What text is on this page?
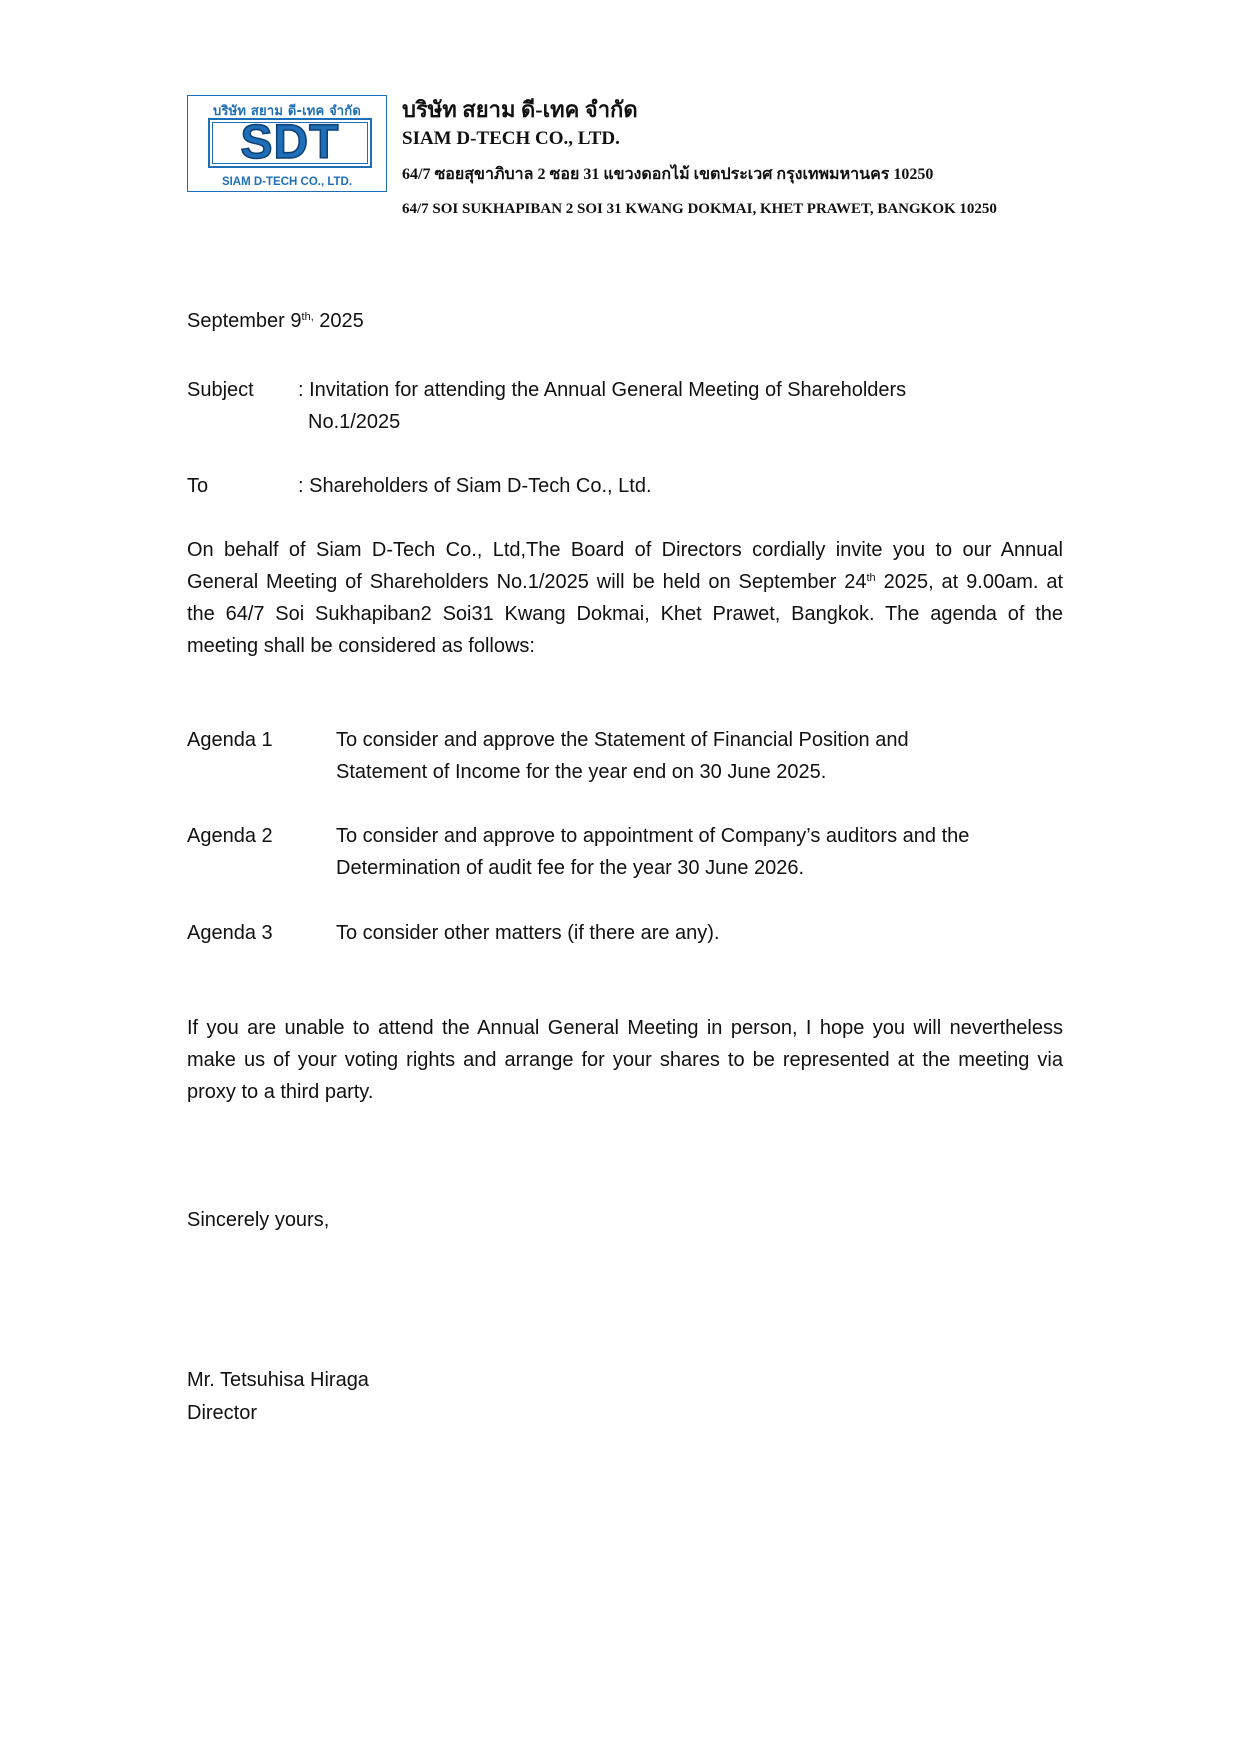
บริษัท สยาม ดี-เทค จำกัด
SDT
SIAM D-TECH CO., LTD.
บริษัท สยาม ดี-เทค จำกัด
SIAM D-TECH CO., LTD.
64/7 ซอยสุขาภิบาล 2 ซอย 31 แขวงดอกไม้ เขตประเวศ กรุงเทพมหานคร 10250
64/7 SOI SUKHAPIBAN 2 SOI 31 KWANG DOKMAI, KHET PRAWET, BANGKOK 10250
September $9^{th,}$ 2025
Subject : Invitation for attending the Annual General Meeting of Shareholders
No.1/2025
To	: Shareholders of Siam D-Tech Co., Ltd.
On behalf of Siam D-Tech Co., Ltd,The Board of Directors cordially invite you to our Annual General Meeting of Shareholders No.1/2025 will be held on September 24th 2025, at 9.00am. at the 64/7 Soi Sukhapiban2 Soi31 Kwang Dokmai, Khet Prawet, Bangkok. The agenda of the meeting shall be considered as follows:
Agenda 1	To consider and approve the Statement of Financial Position and
Statement of Income for the year end on 30 June 2025.
Agenda 2	To consider and approve to appointment of Company’s auditors and the
Determination of audit fee for the year 30 June 2026.
Agenda 3	To consider other matters (if there are any).
If you are unable to attend the Annual General Meeting in person, I hope you will nevertheless make us of your voting rights and arrange for your shares to be represented at the meeting via proxy to a third party.
Sincerely yours,
Mr. Tetsuhisa Hiraga
Director
